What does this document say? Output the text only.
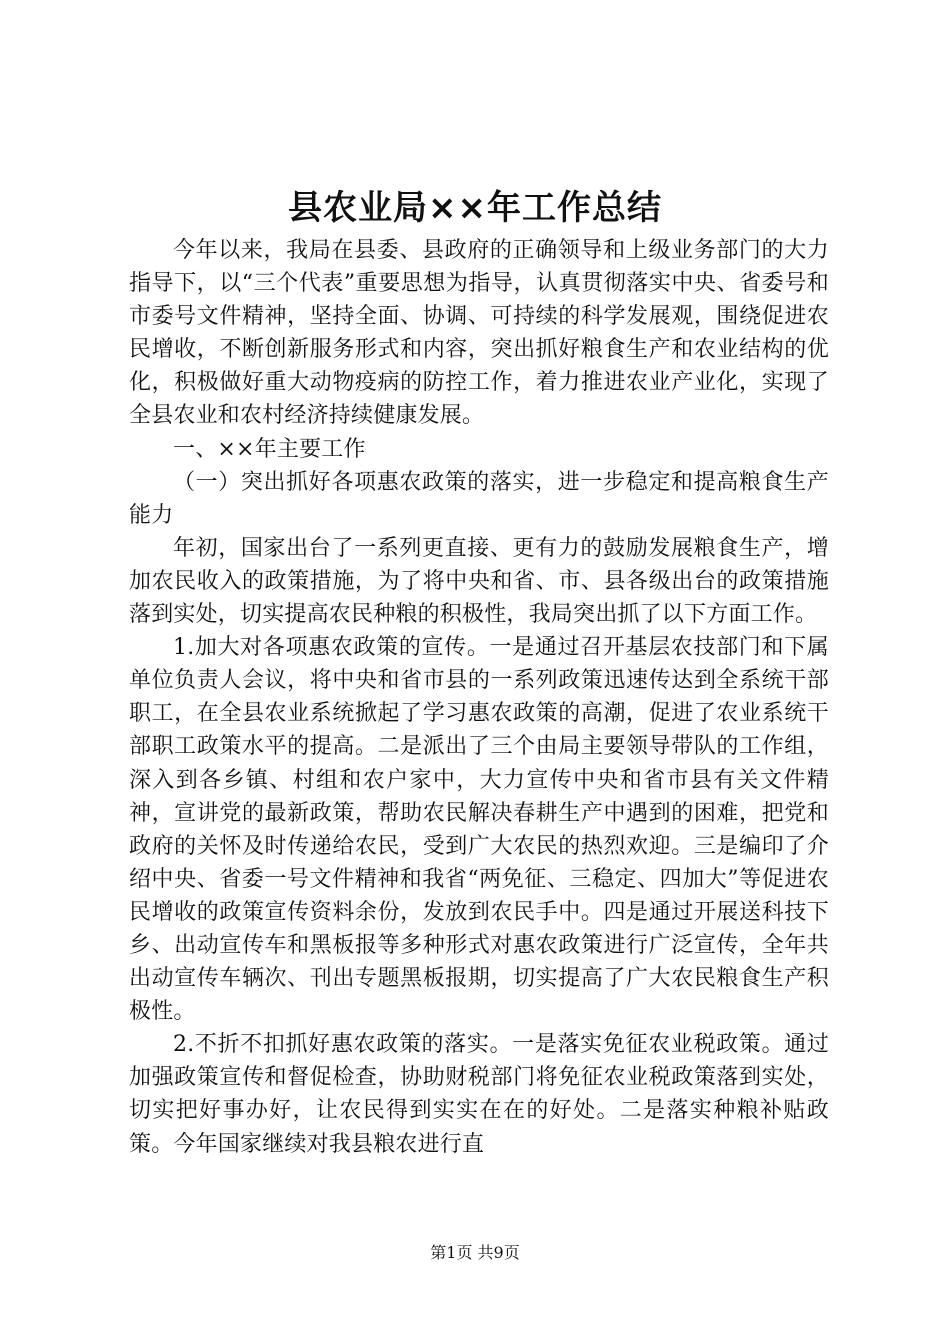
县农业局××年工作总结

今年以来，我局在县委、县政府的正确领导和上级业务部门的大力指导下，以“三个代表”重要思想为指导，认真贯彻落实中央、省委号和市委号文件精神，坚持全面、协调、可持续的科学发展观，围绕促进农民增收，不断创新服务形式和内容，突出抓好粮食生产和农业结构的优化，积极做好重大动物疫病的防控工作，着力推进农业产业化，实现了全县农业和农村经济持续健康发展。

一、××年主要工作

（一）突出抓好各项惠农政策的落实，进一步稳定和提高粮食生产能力

年初，国家出台了一系列更直接、更有力的鼓励发展粮食生产，增加农民收入的政策措施，为了将中央和省、市、县各级出台的政策措施落到实处，切实提高农民种粮的积极性，我局突出抓了以下方面工作。

1.加大对各项惠农政策的宣传。一是通过召开基层农技部门和下属单位负责人会议，将中央和省市县的一系列政策迅速传达到全系统干部职工，在全县农业系统掀起了学习惠农政策的高潮，促进了农业系统干部职工政策水平的提高。二是派出了三个由局主要领导带队的工作组，深入到各乡镇、村组和农户家中，大力宣传中央和省市县有关文件精神，宣讲党的最新政策，帮助农民解决春耕生产中遇到的困难，把党和政府的关怀及时传递给农民，受到广大农民的热烈欢迎。三是编印了介绍中央、省委一号文件精神和我省“两免征、三稳定、四加大”等促进农民增收的政策宣传资料余份，发放到农民手中。四是通过开展送科技下乡、出动宣传车和黑板报等多种形式对惠农政策进行广泛宣传，全年共出动宣传车辆次、刊出专题黑板报期，切实提高了广大农民粮食生产积极性。

2.不折不扣抓好惠农政策的落实。一是落实免征农业税政策。通过加强政策宣传和督促检查，协助财税部门将免征农业税政策落到实处，切实把好事办好，让农民得到实实在在的好处。二是落实种粮补贴政策。今年国家继续对我县粮农进行直

第1页 共9页
